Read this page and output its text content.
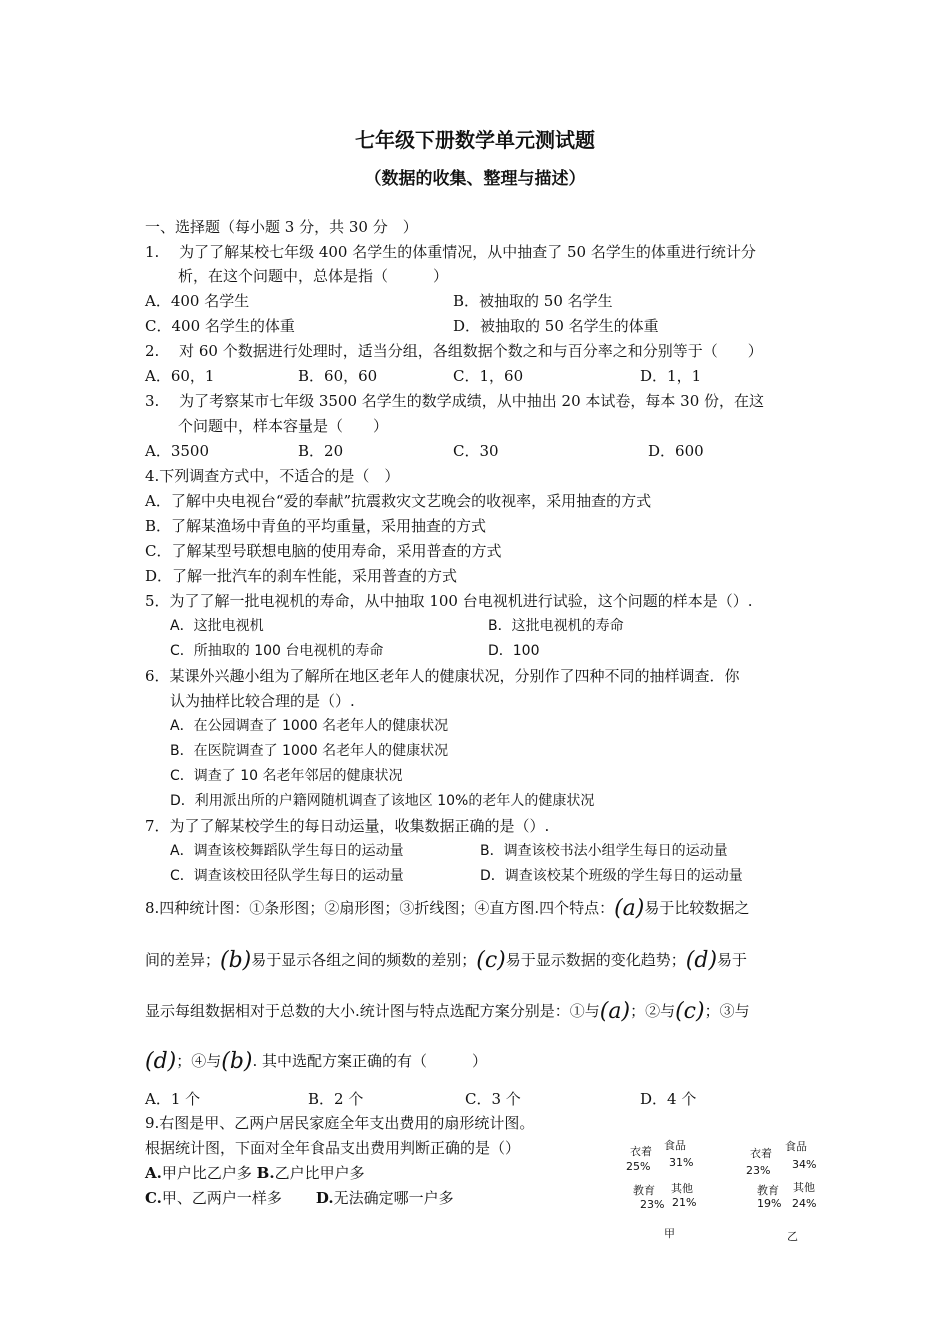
七年级下册数学单元测试题
（数据的收集、整理与描述）
一、选择题（每小题 3 分，共 30 分　）
1.　 为了了解某校七年级 400 名学生的体重情况，从中抽查了 50 名学生的体重进行统计分
析，在这个问题中，总体是指（　　　）
A．400 名学生	B．被抽取的 50 名学生
C．400 名学生的体重	D．被抽取的 50 名学生的体重
2.　 对 60 个数据进行处理时，适当分组，各组数据个数之和与百分率之和分别等于（　　）
A．60，1	B．60，60	C．1，60	D．1，1
3.　 为了考察某市七年级 3500 名学生的数学成绩，从中抽出 20 本试卷，每本 30 份，在这
个问题中，样本容量是（　　）
A．3500	B．20	C．30	D．600
4.下列调查方式中，不适合的是（　）
A．了解中央电视台“爱的奉献”抗震救灾文艺晚会的收视率，采用抽查的方式
B．了解某渔场中青鱼的平均重量，采用抽查的方式
C．了解某型号联想电脑的使用寿命，采用普查的方式
D．了解一批汽车的刹车性能，采用普查的方式
5．为了了解一批电视机的寿命，从中抽取 100 台电视机进行试验，这个问题的样本是（）.
A．这批电视机	B．这批电视机的寿命
C．所抽取的 100 台电视机的寿命	D．100
6．某课外兴趣小组为了解所在地区老年人的健康状况，分别作了四种不同的抽样调查．你
认为抽样比较合理的是（）.
A．在公园调查了 1000 名老年人的健康状况
B．在医院调查了 1000 名老年人的健康状况
C．调查了 10 名老年邻居的健康状况
D．利用派出所的户籍网随机调查了该地区 10%的老年人的健康状况
7．为了了解某校学生的每日动运量，收集数据正确的是（）.
A．调查该校舞蹈队学生每日的运动量	B．调查该校书法小组学生每日的运动量
C．调查该校田径队学生每日的运动量	D．调查该校某个班级的学生每日的运动量
8.四种统计图：①条形图；②扇形图；③折线图；④直方图.四个特点：(a)易于比较数据之
间的差异；(b)易于显示各组之间的频数的差别；(c)易于显示数据的变化趋势；(d)易于
显示每组数据相对于总数的大小.统计图与特点选配方案分别是：①与(a)；②与(c)；③与
(d)；④与(b). 其中选配方案正确的有（　　　）
A．1 个	B．2 个	C．3 个	D．4 个
9.右图是甲、乙两户居民家庭全年支出费用的扇形统计图。
根据统计图，下面对全年食品支出费用判断正确的是（）
A.甲户比乙户多 B.乙户比甲户多
C.甲、乙两户一样多 D.无法确定哪一户多
衣着 食品
25% 31%
教育 其他
23% 21%
甲
衣着
食品
23% 34%
教育 其他
19% 24%
乙
